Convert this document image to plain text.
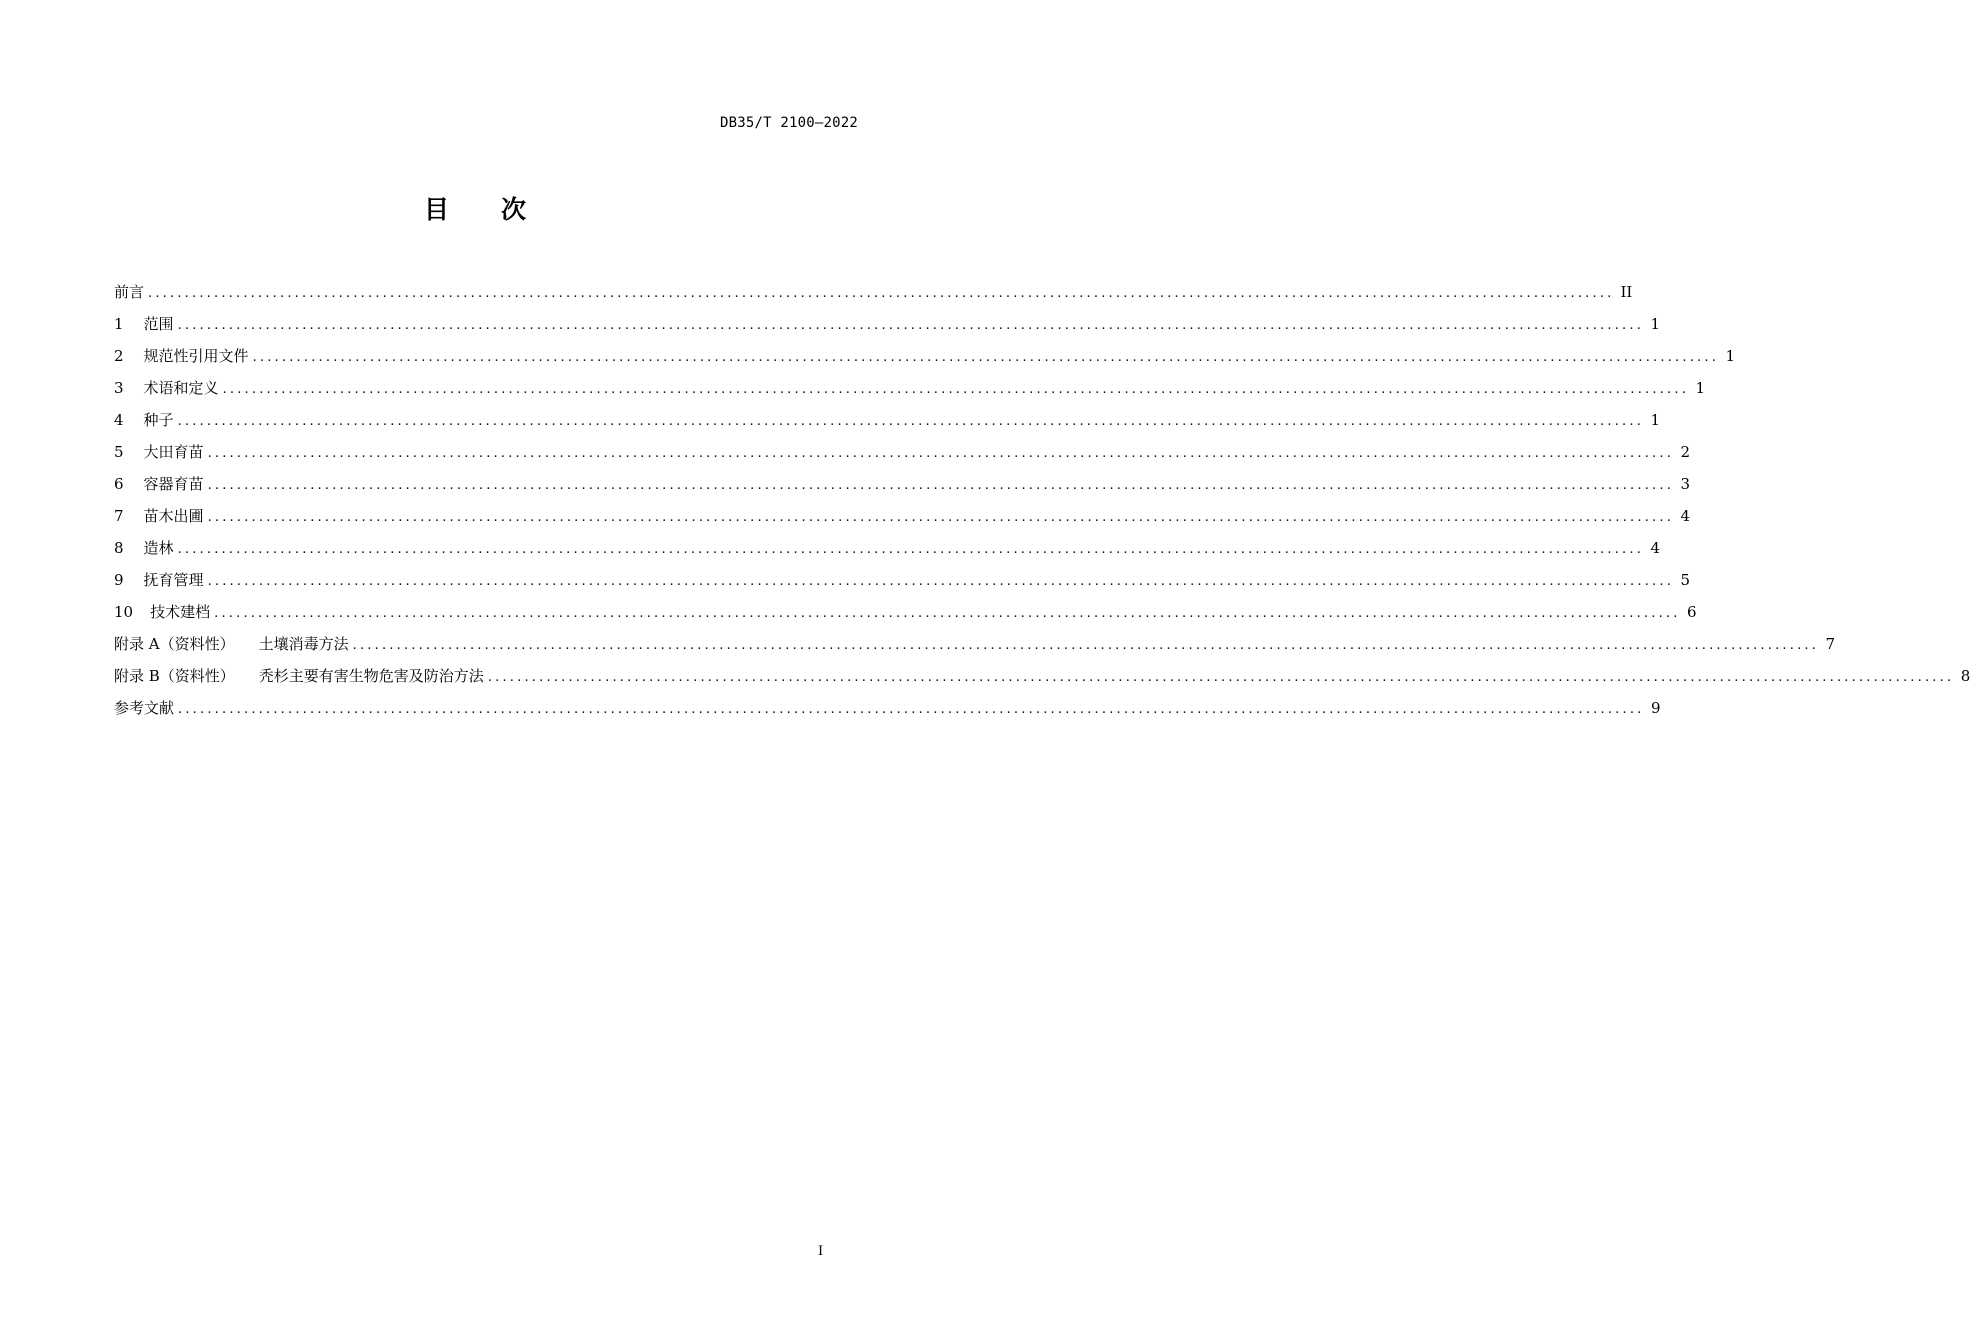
DB35/T 2100—2022
目 次
前言 ........................................................................................................................................................................................................ II
1 范围 ........................................................................................................................................................................................................ 1
2 规范性引用文件 ........................................................................................................................................................................................................ 1
3 术语和定义 ........................................................................................................................................................................................................ 1
4 种子 ........................................................................................................................................................................................................ 1
5 大田育苗 ........................................................................................................................................................................................................ 2
6 容器育苗 ........................................................................................................................................................................................................ 3
7 苗木出圃 ........................................................................................................................................................................................................ 4
8 造林 ........................................................................................................................................................................................................ 4
9 抚育管理 ........................................................................................................................................................................................................ 5
10 技术建档 ........................................................................................................................................................................................................ 6
附录 A（资料性） 土壤消毒方法 ........................................................................................................................................................................................................ 7
附录 B（资料性） 秃杉主要有害生物危害及防治方法 ........................................................................................................................................................................................................ 8
参考文献 ........................................................................................................................................................................................................ 9
I
